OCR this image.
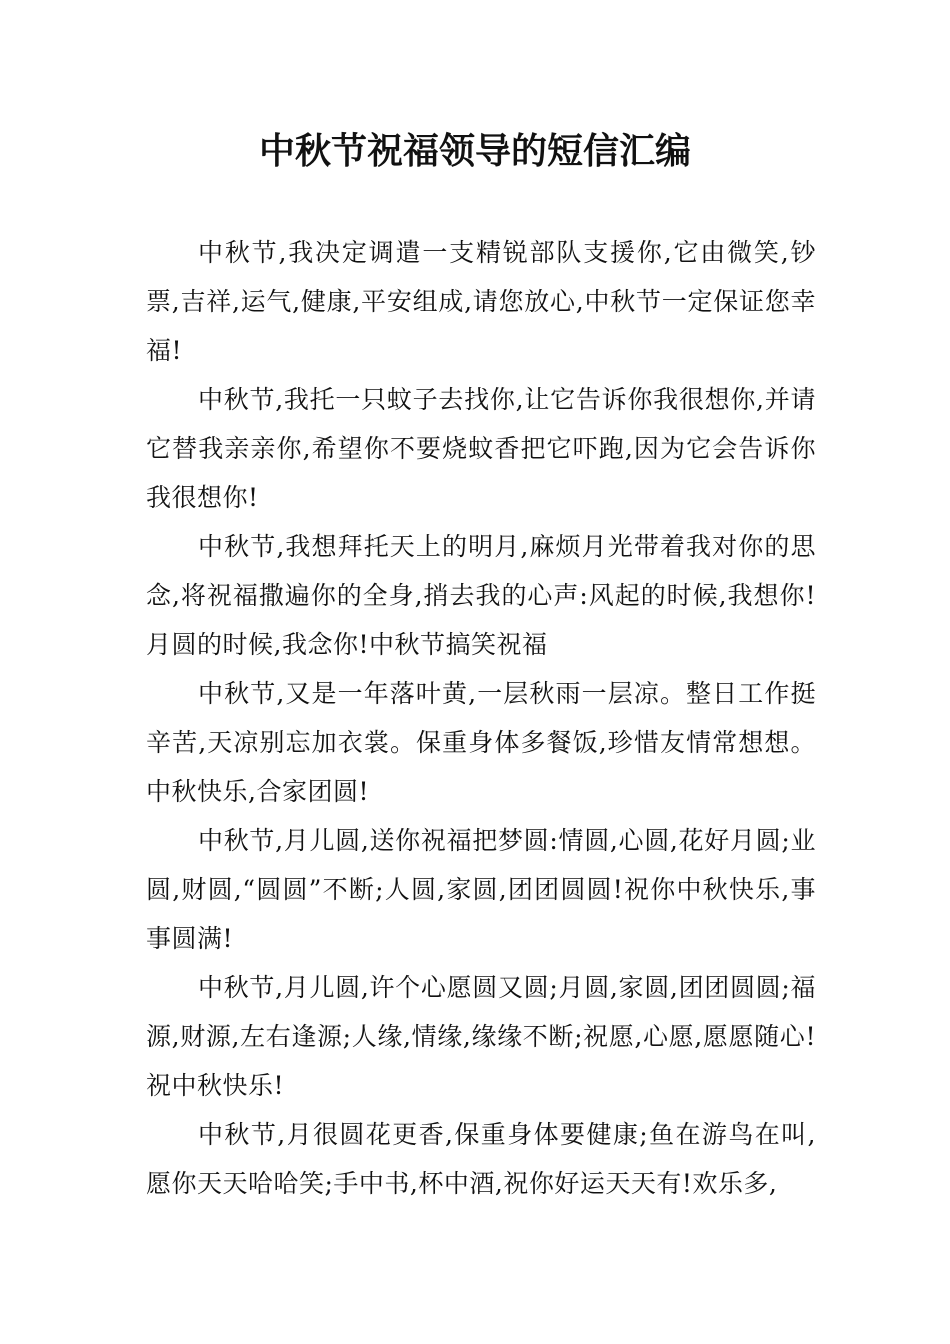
中秋节祝福领导的短信汇编

中秋节,我决定调遣一支精锐部队支援你,它由微笑,钞票,吉祥,运气,健康,平安组成,请您放心,中秋节一定保证您幸福!

中秋节,我托一只蚊子去找你,让它告诉你我很想你,并请它替我亲亲你,希望你不要烧蚊香把它吓跑,因为它会告诉你我很想你!

中秋节,我想拜托天上的明月,麻烦月光带着我对你的思念,将祝福撒遍你的全身,捎去我的心声:风起的时候,我想你!月圆的时候,我念你!中秋节搞笑祝福

中秋节,又是一年落叶黄,一层秋雨一层凉。整日工作挺辛苦,天凉别忘加衣裳。保重身体多餐饭,珍惜友情常想想。中秋快乐,合家团圆!

中秋节,月儿圆,送你祝福把梦圆:情圆,心圆,花好月圆;业圆,财圆,“圆圆”不断;人圆,家圆,团团圆圆!祝你中秋快乐,事事圆满!

中秋节,月儿圆,许个心愿圆又圆;月圆,家圆,团团圆圆;福源,财源,左右逢源;人缘,情缘,缘缘不断;祝愿,心愿,愿愿随心!祝中秋快乐!

中秋节,月很圆花更香,保重身体要健康;鱼在游鸟在叫,愿你天天哈哈笑;手中书,杯中酒,祝你好运天天有!欢乐多,
